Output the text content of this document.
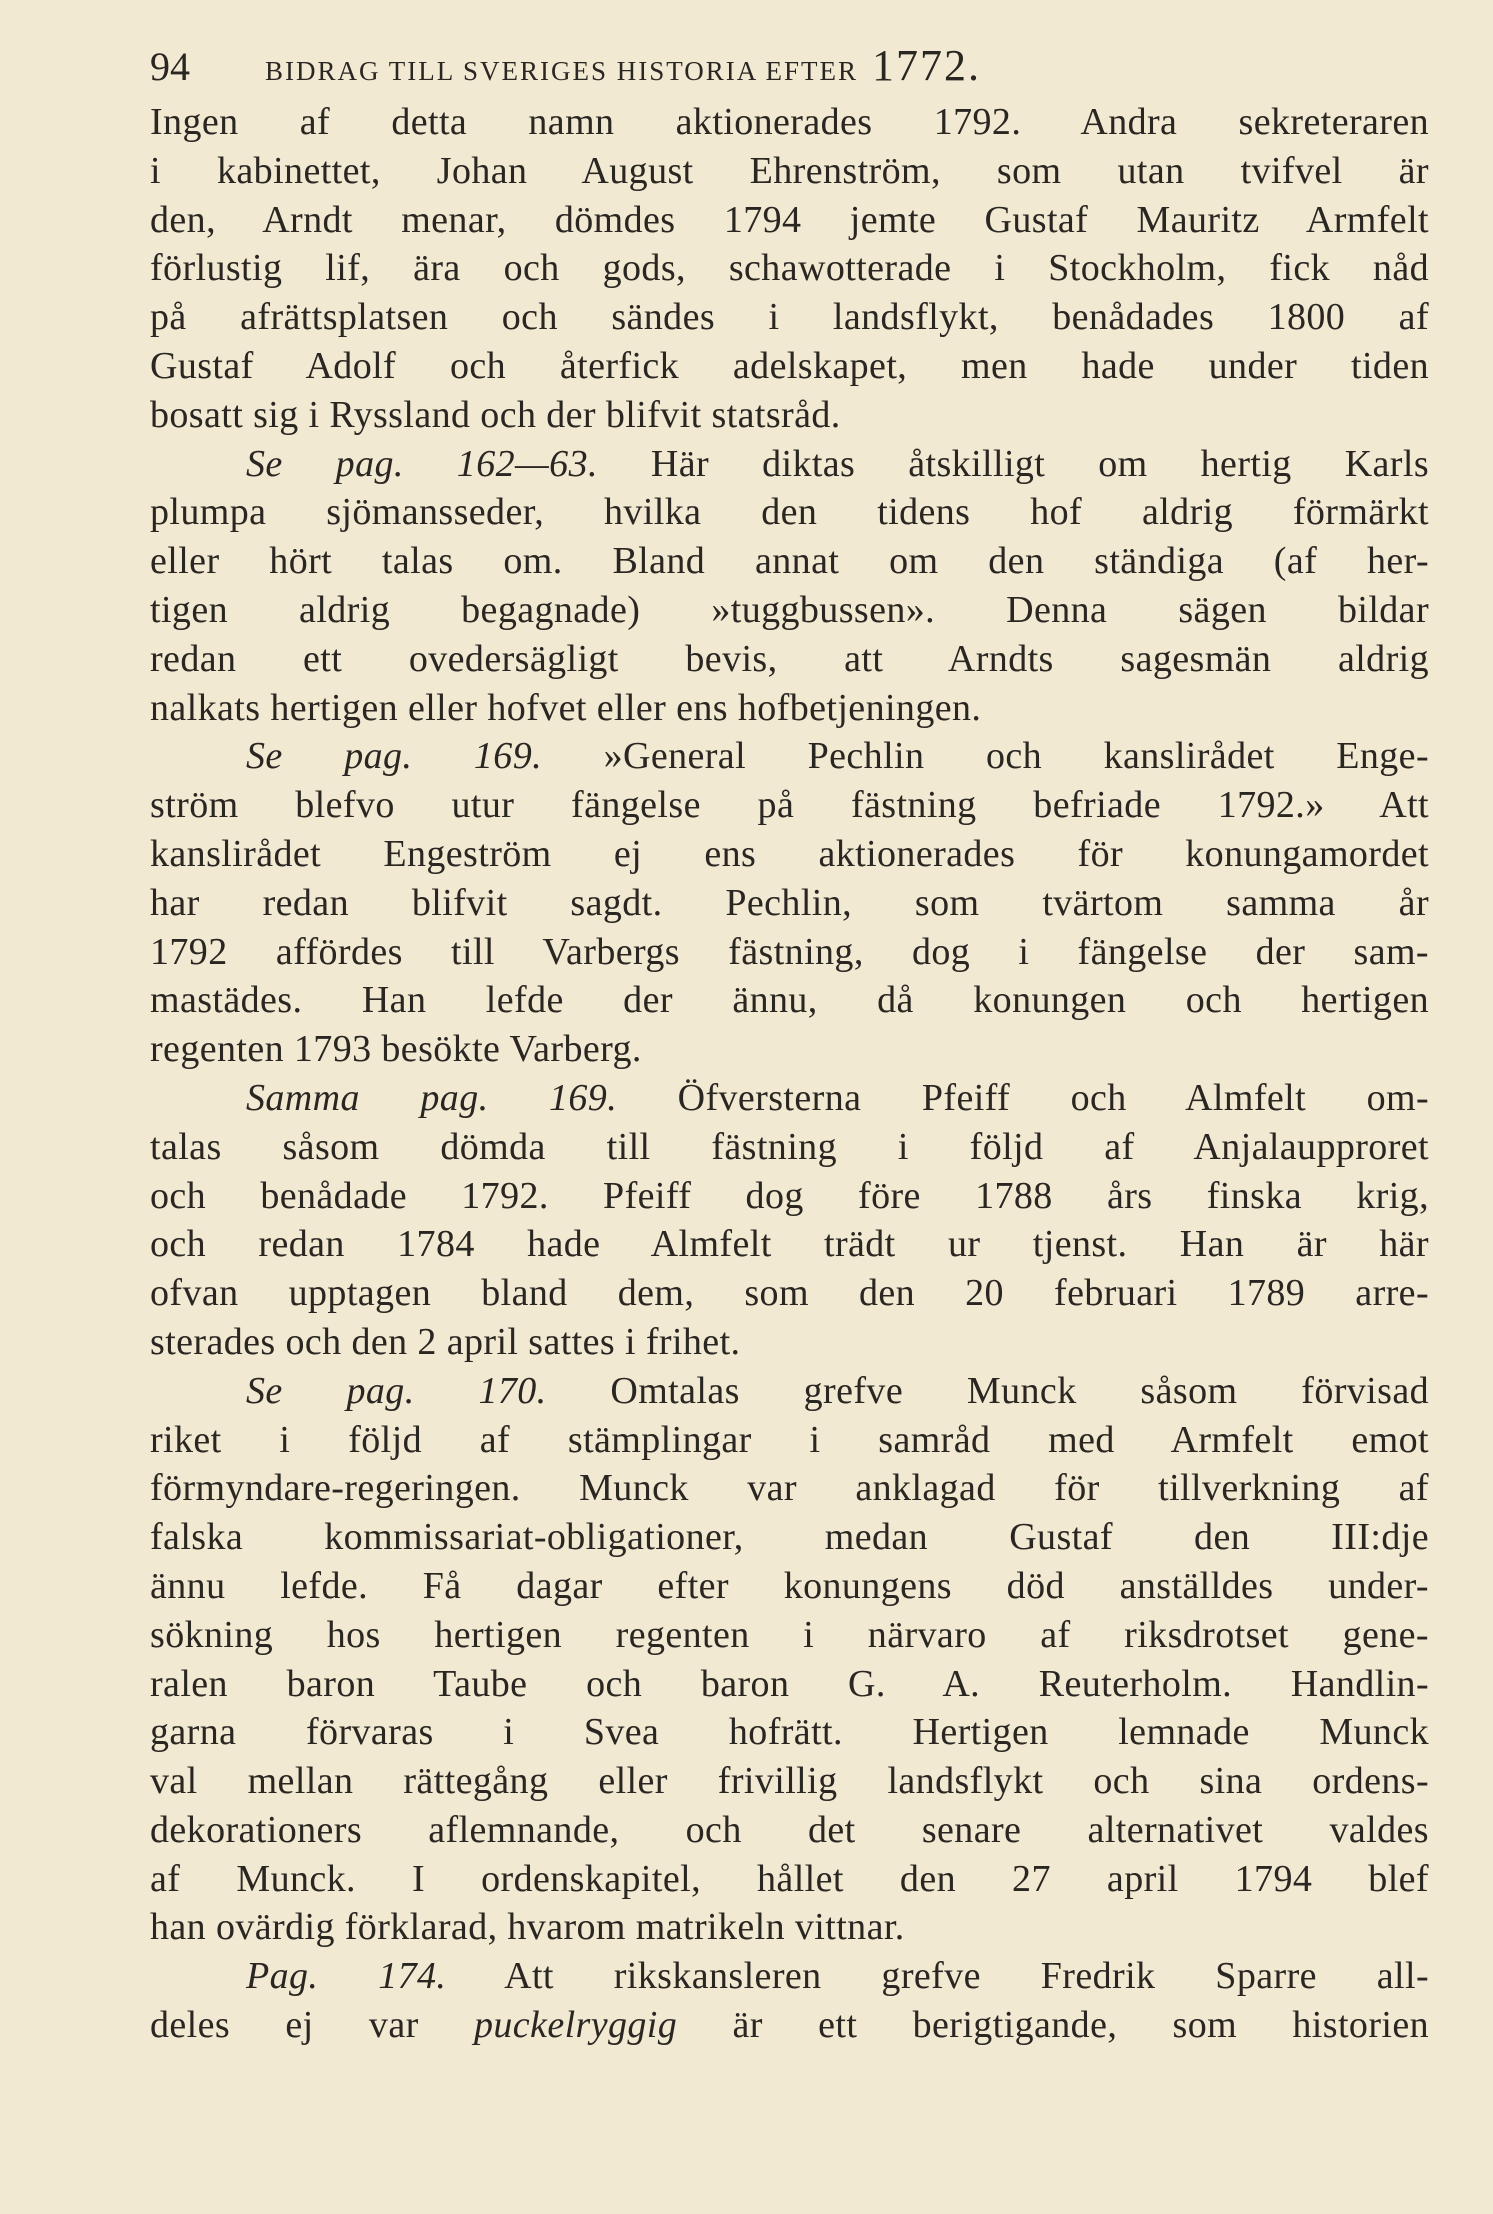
94	BIDRAG TILL SVERIGES HISTORIA EFTER 1772.
Ingen af detta namn aktionerades 1792. Andra sekreteraren
i kabinettet, Johan August Ehrenström, som utan tvifvel är
den, Arndt menar, dömdes 1794 jemte Gustaf Mauritz Armfelt
förlustig lif, ära och gods, schawotterade i Stockholm, fick nåd
på afrättsplatsen och sändes i landsflykt, benådades 1800 af
Gustaf Adolf och återfick adelskapet, men hade under tiden
bosatt sig i Ryssland och der blifvit statsråd.
Se pag. 162—63. Här diktas åtskilligt om hertig Karls
plumpa sjömansseder, hvilka den tidens hof aldrig förmärkt
eller hört talas om. Bland annat om den ständiga (af her-
tigen aldrig begagnade) »tuggbussen». Denna sägen bildar
redan ett ovedersägligt bevis, att Arndts sagesmän aldrig
nalkats hertigen eller hofvet eller ens hofbetjeningen.
Se pag. 169. »General Pechlin och kanslirådet Enge-
ström blefvo utur fängelse på fästning befriade 1792.» Att
kanslirådet Engeström ej ens aktionerades för konungamordet
har redan blifvit sagdt. Pechlin, som tvärtom samma år
1792 affördes till Varbergs fästning, dog i fängelse der sam-
mastädes. Han lefde der ännu, då konungen och hertigen
regenten 1793 besökte Varberg.
Samma pag. 169. Öfversterna Pfeiff och Almfelt om-
talas såsom dömda till fästning i följd af Anjalaupproret
och benådade 1792. Pfeiff dog före 1788 års finska krig,
och redan 1784 hade Almfelt trädt ur tjenst. Han är här
ofvan upptagen bland dem, som den 20 februari 1789 arre-
sterades och den 2 april sattes i frihet.
Se pag. 170. Omtalas grefve Munck såsom förvisad
riket i följd af stämplingar i samråd med Armfelt emot
förmyndare-regeringen. Munck var anklagad för tillverkning af
falska kommissariat-obligationer, medan Gustaf den III:dje
ännu lefde. Få dagar efter konungens död anställdes under-
sökning hos hertigen regenten i närvaro af riksdrotset gene-
ralen baron Taube och baron G. A. Reuterholm. Handlin-
garna förvaras i Svea hofrätt. Hertigen lemnade Munck
val mellan rättegång eller frivillig landsflykt och sina ordens-
dekorationers aflemnande, och det senare alternativet valdes
af Munck. I ordenskapitel, hållet den 27 april 1794 blef
han ovärdig förklarad, hvarom matrikeln vittnar.
Pag. 174. Att rikskansleren grefve Fredrik Sparre all-
deles ej var puckelryggig är ett berigtigande, som historien
